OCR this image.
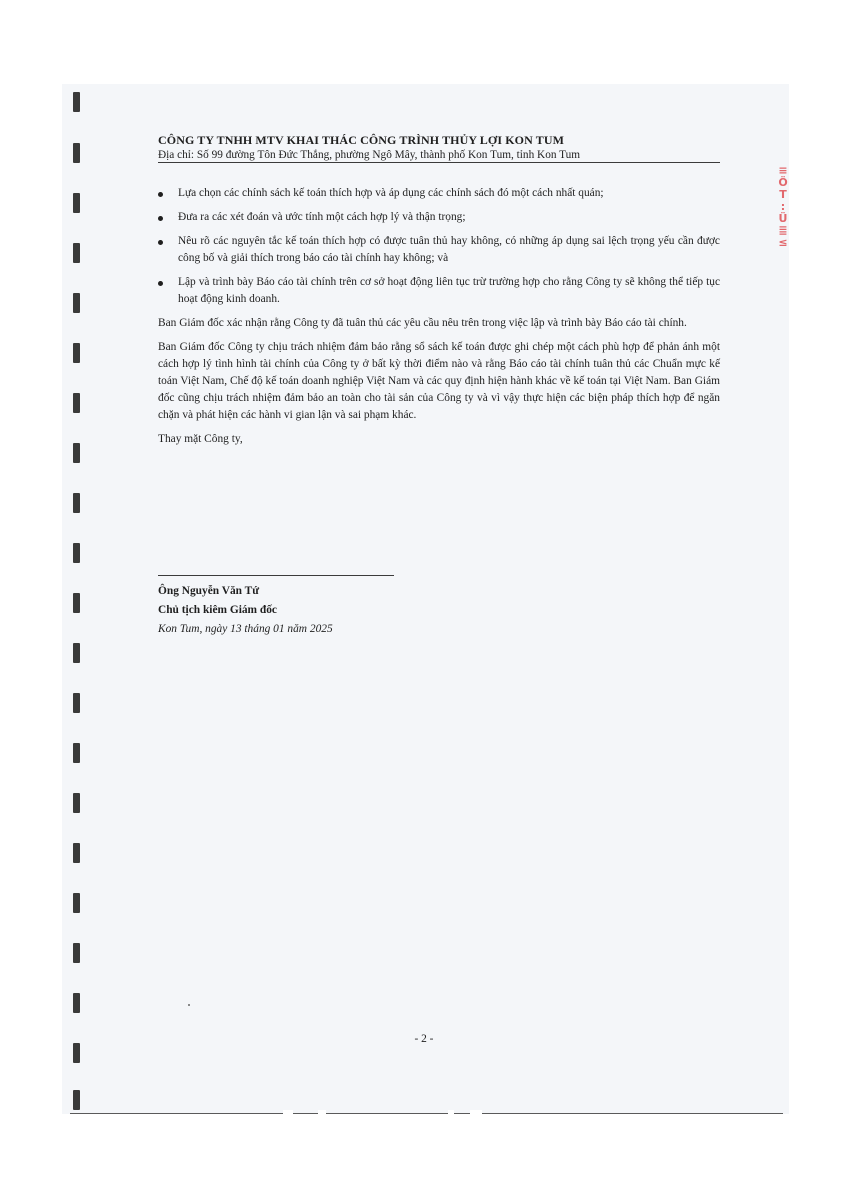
≡
Ö
T
:
Ü
≣
≤
CÔNG TY TNHH MTV KHAI THÁC CÔNG TRÌNH THỦY LỢI KON TUM
Địa chỉ: Số 99 đường Tôn Đức Thắng, phường Ngô Mây, thành phố Kon Tum, tỉnh Kon Tum
Lựa chọn các chính sách kế toán thích hợp và áp dụng các chính sách đó một cách nhất quán;
Đưa ra các xét đoán và ước tính một cách hợp lý và thận trọng;
Nêu rõ các nguyên tắc kế toán thích hợp có được tuân thủ hay không, có những áp dụng sai lệch trọng yếu cần được công bố và giải thích trong báo cáo tài chính hay không; và
Lập và trình bày Báo cáo tài chính trên cơ sở hoạt động liên tục trừ trường hợp cho rằng Công ty sẽ không thể tiếp tục hoạt động kinh doanh.

Ban Giám đốc xác nhận rằng Công ty đã tuân thủ các yêu cầu nêu trên trong việc lập và trình bày Báo cáo tài chính.

Ban Giám đốc Công ty chịu trách nhiệm đảm bảo rằng sổ sách kế toán được ghi chép một cách phù hợp để phản ánh một cách hợp lý tình hình tài chính của Công ty ở bất kỳ thời điểm nào và rằng Báo cáo tài chính tuân thủ các Chuẩn mực kế toán Việt Nam, Chế độ kế toán doanh nghiệp Việt Nam và các quy định hiện hành khác về kế toán tại Việt Nam. Ban Giám đốc cũng chịu trách nhiệm đảm bảo an toàn cho tài sản của Công ty và vì vậy thực hiện các biện pháp thích hợp để ngăn chặn và phát hiện các hành vi gian lận và sai phạm khác.

Thay mặt Công ty,

Ông Nguyễn Văn Tứ
Chủ tịch kiêm Giám đốc
Kon Tum, ngày 13 tháng 01 năm 2025
- 2 -
